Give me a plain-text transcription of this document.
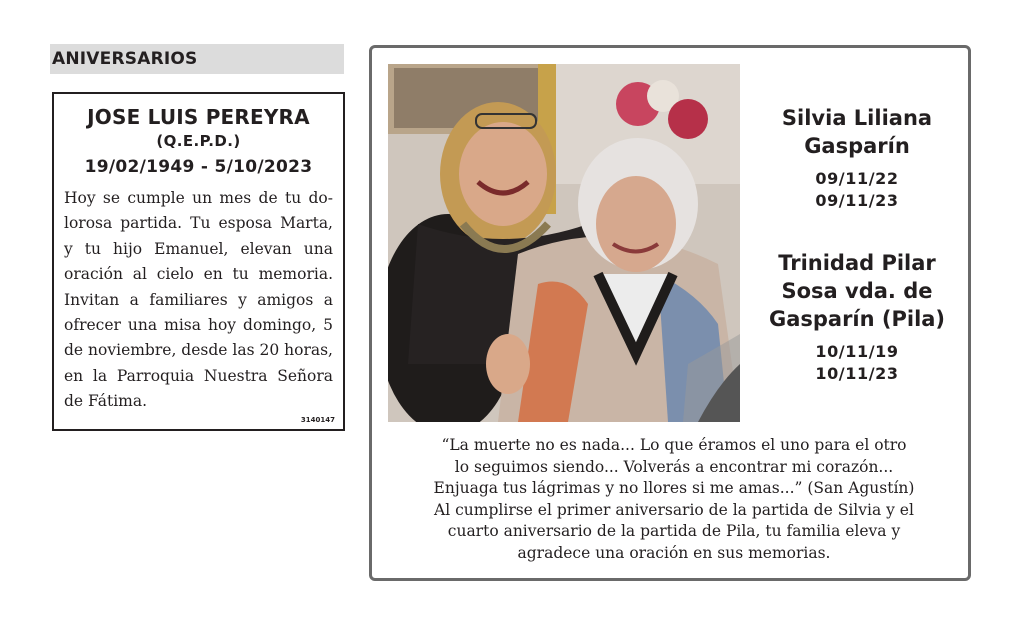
ANIVERSARIOS
JOSE LUIS PEREYRA
(Q.E.P.D.)
19/02/1949 - 5/10/2023
Hoy se cumple un mes de tu do-
lorosa partida. Tu esposa Marta,
y tu hijo Emanuel, elevan una
oración al cielo en tu memoria.
Invitan a familiares y amigos a
ofrecer una misa hoy domingo, 5
de noviembre, desde las 20 horas,
en la Parroquia Nuestra Señora
de Fátima.
3140147
Silvia Liliana
Gasparín
09/11/22
09/11/23
Trinidad Pilar
Sosa vda. de
Gasparín (Pila)
10/11/19
10/11/23
“La muerte no es nada... Lo que éramos el uno para el otro
lo seguimos siendo... Volverás a encontrar mi corazón...
Enjuaga tus lágrimas y no llores si me amas...” (San Agustín)
Al cumplirse el primer aniversario de la partida de Silvia y el
cuarto aniversario de la partida de Pila, tu familia eleva y
agradece una oración en sus memorias.
